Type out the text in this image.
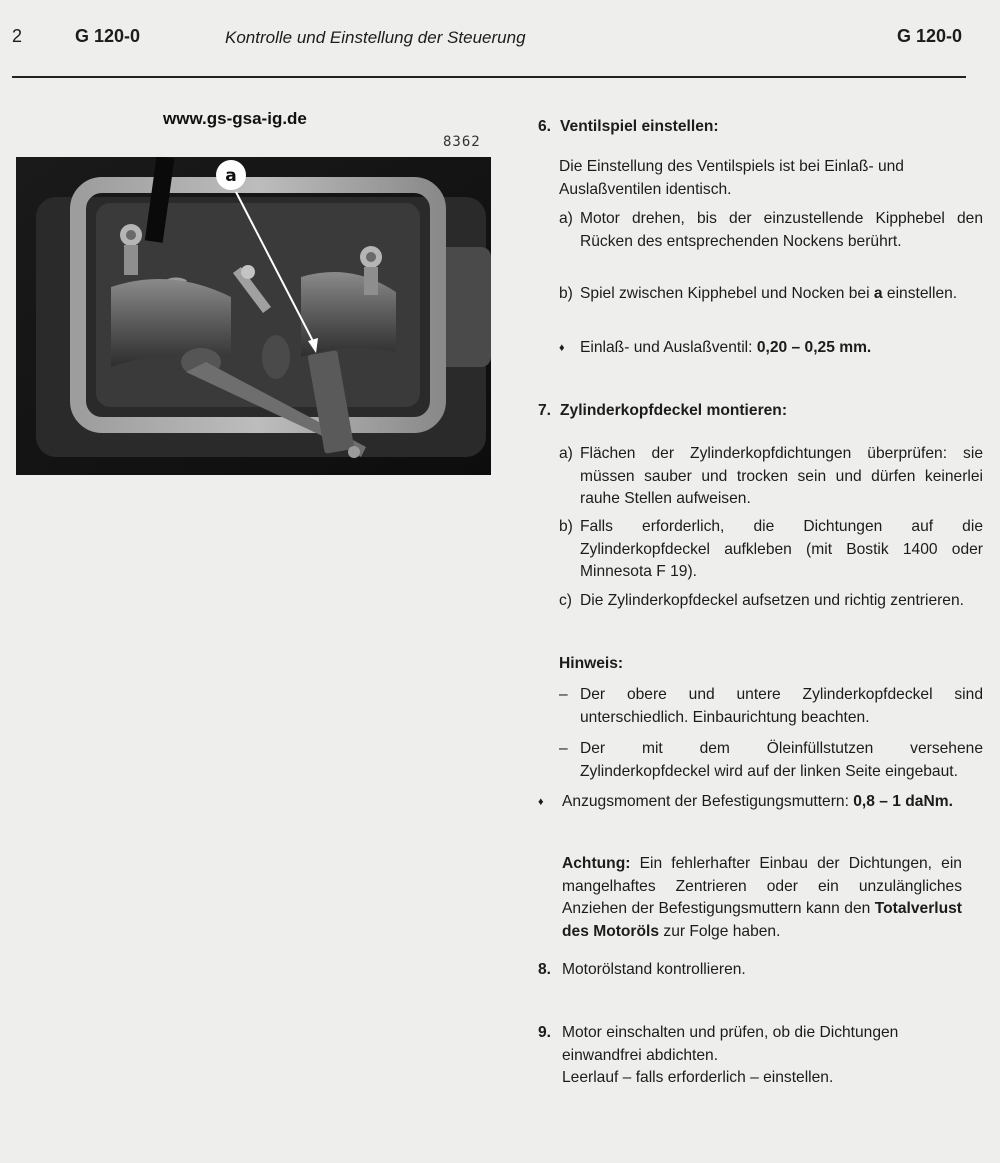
2	G 120-0	Kontrolle und Einstellung der Steuerung	G 120-0
www.gs-gsa-ig.de
8362
a
6. Ventilspiel einstellen:

Die Einstellung des Ventilspiels ist bei Einlaß- und Auslaßventilen identisch.

a) Motor drehen, bis der einzustellende Kipphebel den Rücken des entsprechenden Nockens berührt.
b) Spiel zwischen Kipphebel und Nocken bei a einstellen.
♦ Einlaß- und Auslaßventil: 0,20 – 0,25 mm.
7. Zylinderkopfdeckel montieren:
a) Flächen der Zylinderkopfdichtungen überprüfen: sie müssen sauber und trocken sein und dürfen keinerlei rauhe Stellen aufweisen.
b) Falls erforderlich, die Dichtungen auf die Zylinderkopfdeckel aufkleben (mit Bostik 1400 oder Minnesota F 19).
c) Die Zylinderkopfdeckel aufsetzen und richtig zentrieren.
Hinweis:
– Der obere und untere Zylinderkopfdeckel sind unterschiedlich. Einbaurichtung beachten.
– Der mit dem Öleinfüllstutzen versehene Zylinderkopfdeckel wird auf der linken Seite eingebaut.
♦	Anzugsmoment der Befestigungsmuttern: 0,8 – 1 daNm.

Achtung: Ein fehlerhafter Einbau der Dichtungen, ein mangelhaftes Zentrieren oder ein unzulängliches Anziehen der Befestigungsmuttern kann den Totalverlust des Motoröls zur Folge haben.

8. Motorölstand kontrollieren.
9. Motor einschalten und prüfen, ob die Dichtungen einwandfrei abdichten.
Leerlauf – falls erforderlich – einstellen.
